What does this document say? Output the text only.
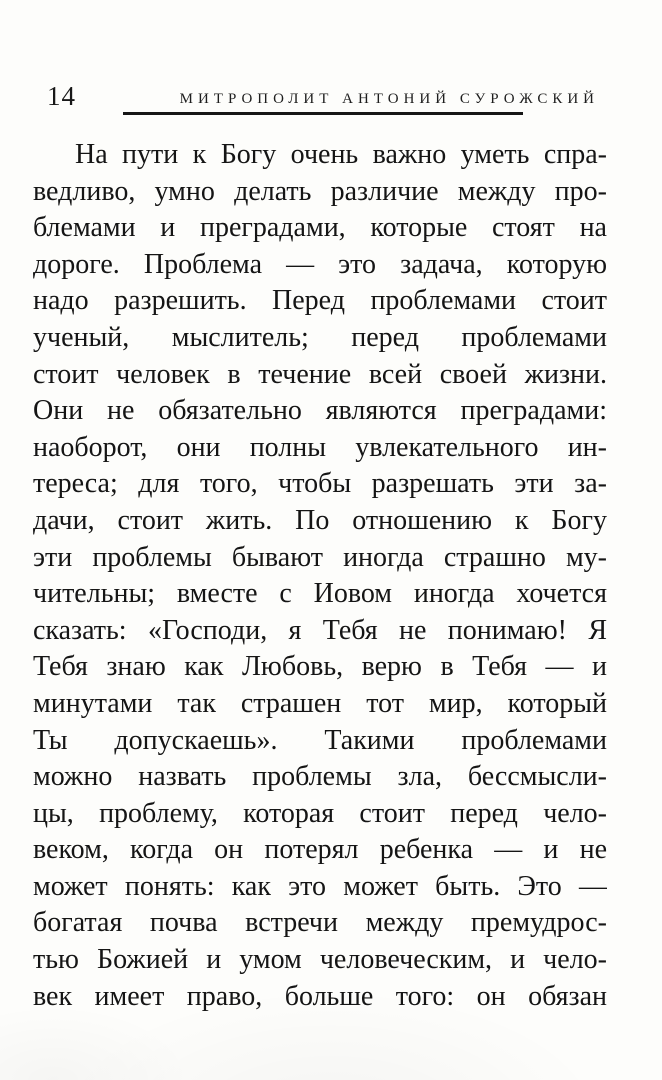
14	МИТРОПОЛИТ АНТОНИЙ СУРОЖСКИЙ
На пути к Богу очень важно уметь спра-
ведливо, умно делать различие между про-
блемами и преградами, которые стоят на
дороге. Проблема — это задача, которую
надо разрешить. Перед проблемами стоит
ученый, мыслитель; перед проблемами
стоит человек в течение всей своей жизни.
Они не обязательно являются преградами:
наоборот, они полны увлекательного ин-
тереса; для того, чтобы разрешать эти за-
дачи, стоит жить. По отношению к Богу
эти проблемы бывают иногда страшно му-
чительны; вместе с Иовом иногда хочется
сказать: «Господи, я Тебя не понимаю! Я
Тебя знаю как Любовь, верю в Тебя — и
минутами так страшен тот мир, который
Ты допускаешь». Такими проблемами
можно назвать проблемы зла, бессмысли-
цы, проблему, которая стоит перед чело-
веком, когда он потерял ребенка — и не
может понять: как это может быть. Это —
богатая почва встречи между премудрос-
тью Божией и умом человеческим, и чело-
век имеет право, больше того: он обязан
